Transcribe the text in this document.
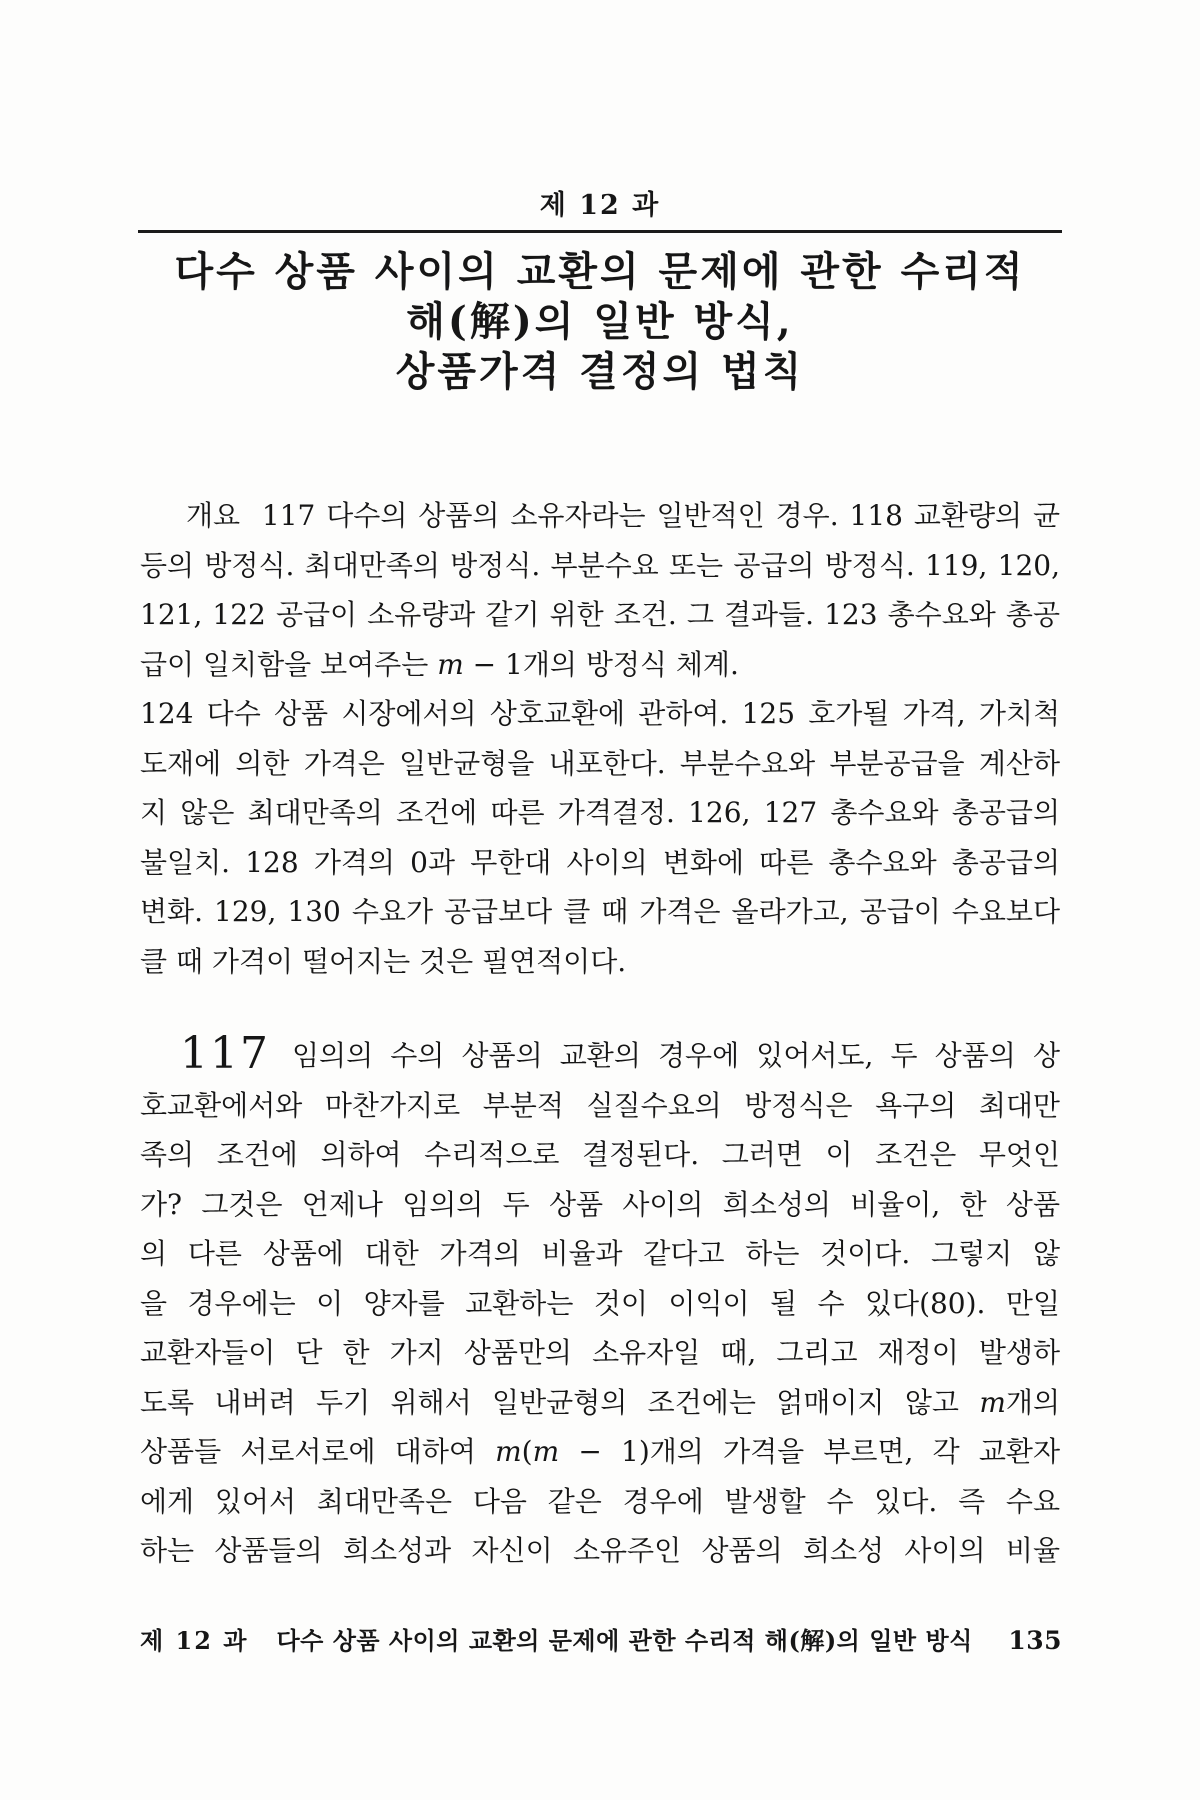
제 12 과
다수 상품 사이의 교환의 문제에 관한 수리적
해(解)의 일반 방식,
상품가격 결정의 법칙
개요  117 다수의 상품의 소유자라는 일반적인 경우. 118 교환량의 균
등의 방정식. 최대만족의 방정식. 부분수요 또는 공급의 방정식. 119, 120,
121, 122 공급이 소유량과 같기 위한 조건. 그 결과들. 123 총수요와 총공
급이 일치함을 보여주는 m − 1개의 방정식 체계.
124 다수 상품 시장에서의 상호교환에 관하여. 125 호가될 가격, 가치척
도재에 의한 가격은 일반균형을 내포한다. 부분수요와 부분공급을 계산하
지 않은 최대만족의 조건에 따른 가격결정. 126, 127 총수요와 총공급의
불일치. 128 가격의 0과 무한대 사이의 변화에 따른 총수요와 총공급의
변화. 129, 130 수요가 공급보다 클 때 가격은 올라가고, 공급이 수요보다
클 때 가격이 떨어지는 것은 필연적이다.
117 임의의 수의 상품의 교환의 경우에 있어서도, 두 상품의 상
호교환에서와 마찬가지로 부분적 실질수요의 방정식은 욕구의 최대만
족의 조건에 의하여 수리적으로 결정된다. 그러면 이 조건은 무엇인
가? 그것은 언제나 임의의 두 상품 사이의 희소성의 비율이, 한 상품
의 다른 상품에 대한 가격의 비율과 같다고 하는 것이다. 그렇지 않
을 경우에는 이 양자를 교환하는 것이 이익이 될 수 있다(80). 만일
교환자들이 단 한 가지 상품만의 소유자일 때, 그리고 재정이 발생하
도록 내버려 두기 위해서 일반균형의 조건에는 얽매이지 않고 m개의
상품들 서로서로에 대하여 m(m − 1)개의 가격을 부르면, 각 교환자
에게 있어서 최대만족은 다음 같은 경우에 발생할 수 있다. 즉 수요
하는 상품들의 희소성과 자신이 소유주인 상품의 희소성 사이의 비율
제 12 과 다수 상품 사이의 교환의 문제에 관한 수리적 해(解)의 일반 방식 135
